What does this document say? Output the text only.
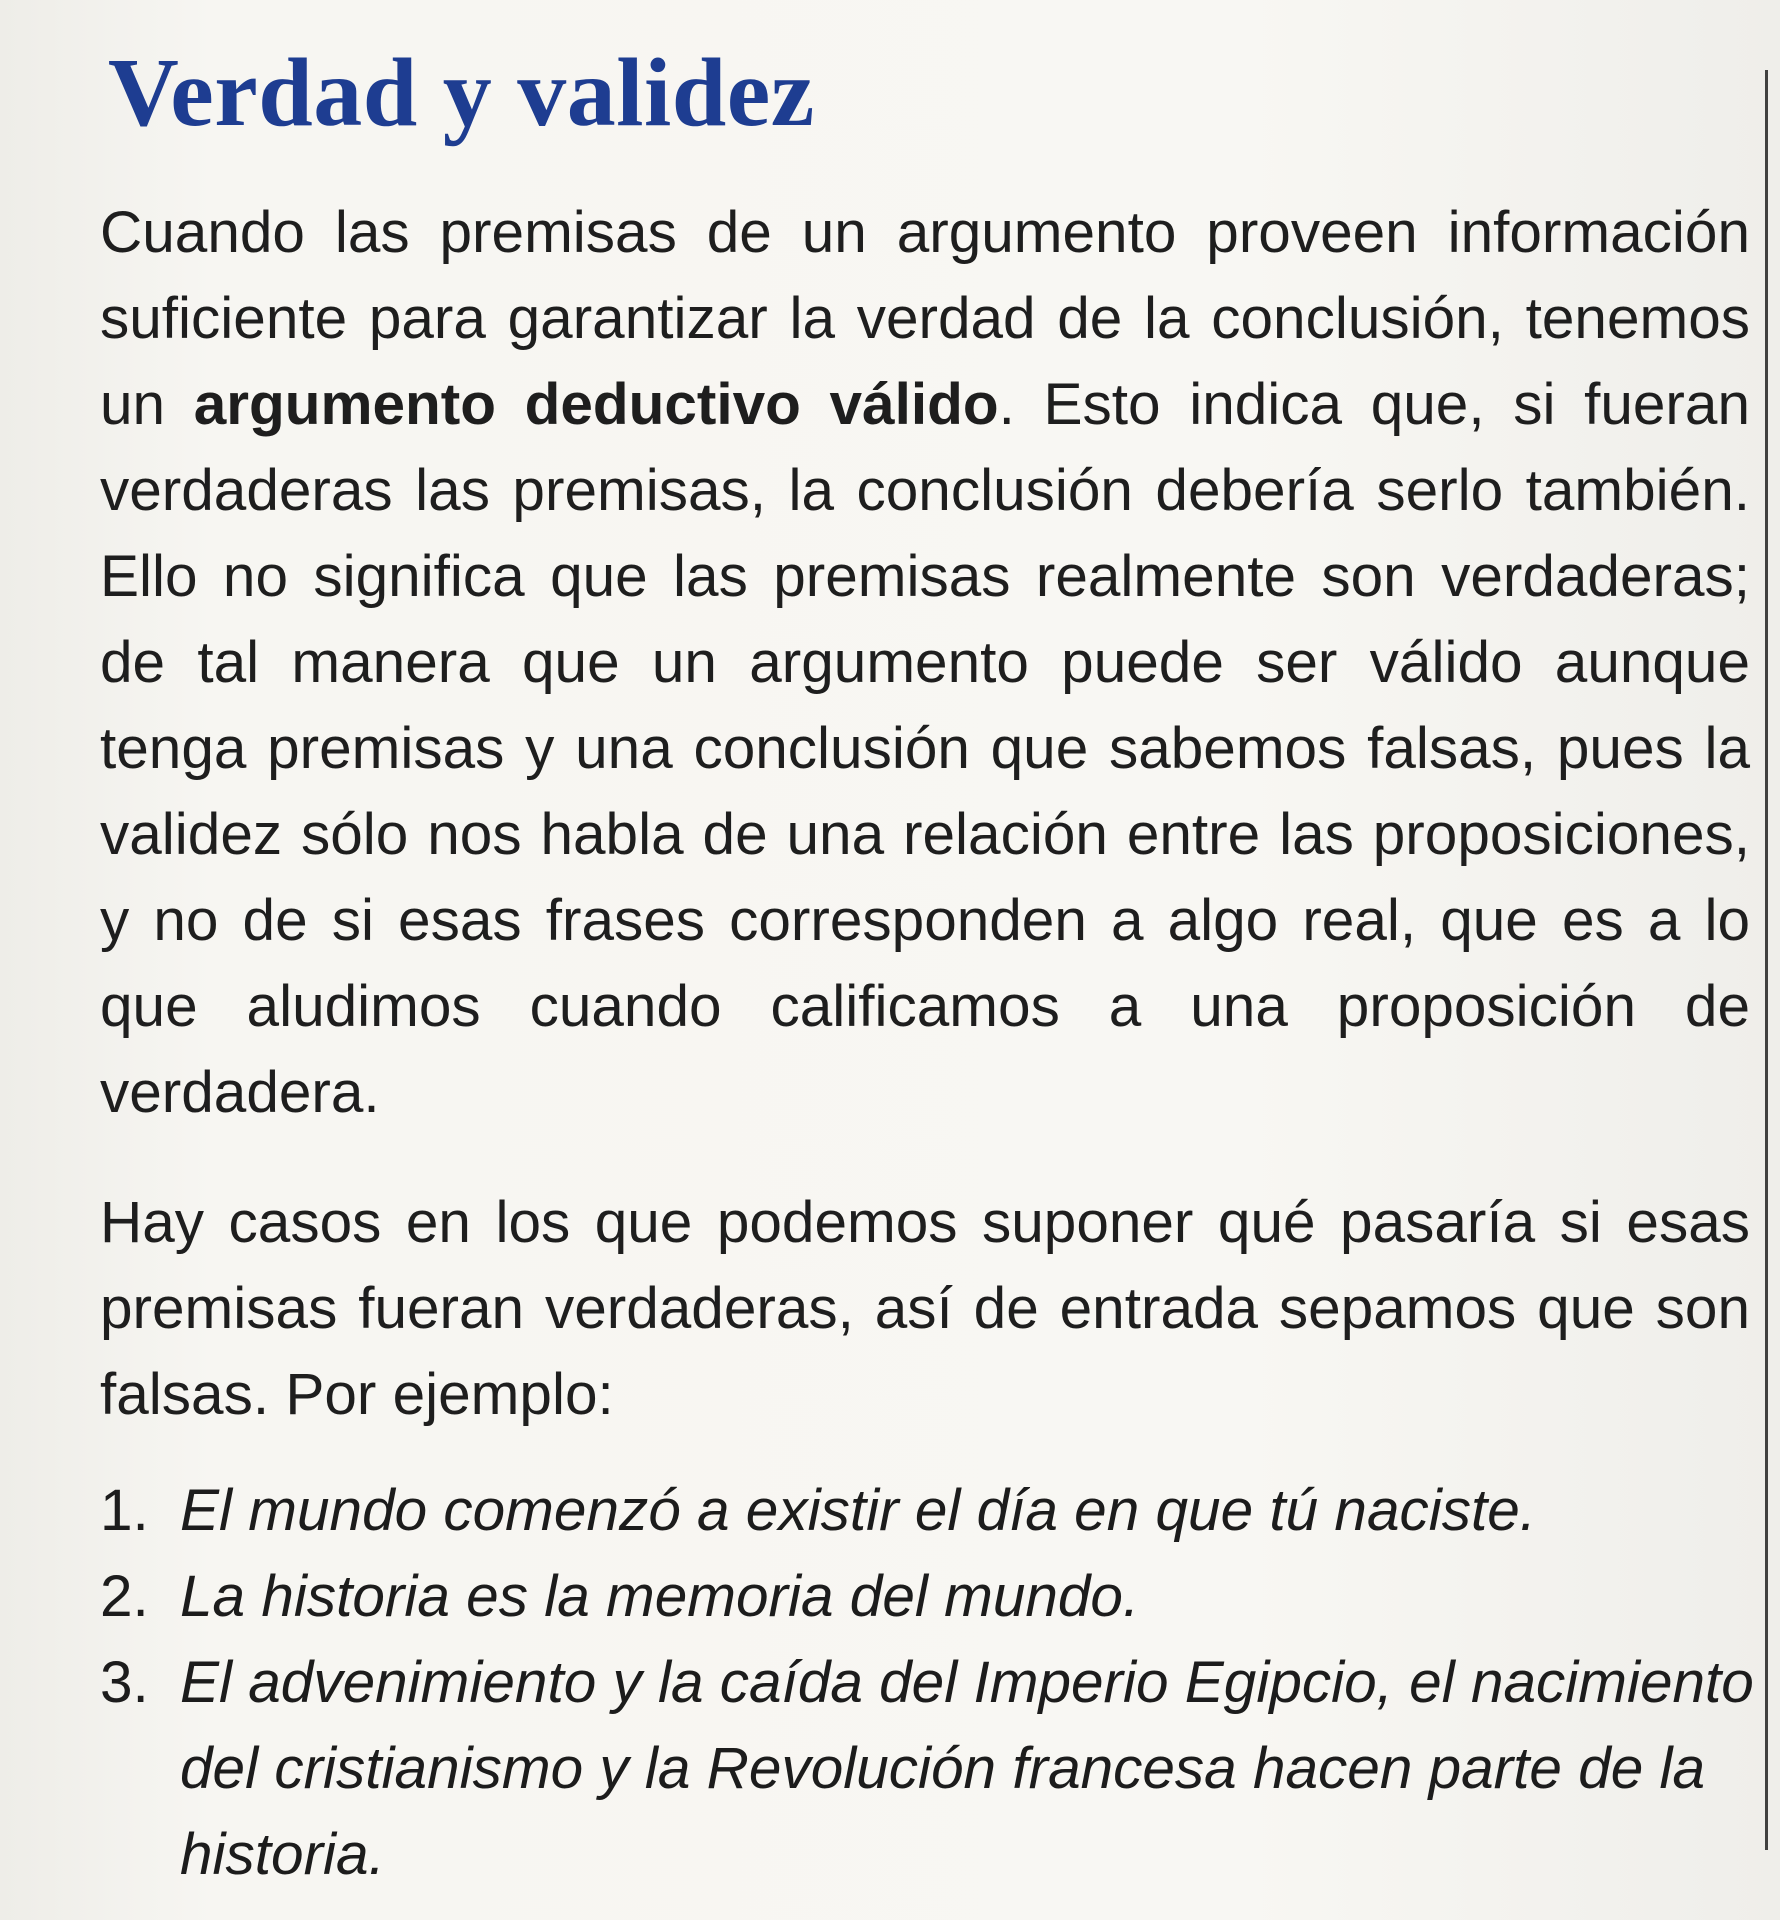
Verdad y validez

Cuando las premisas de un argumento proveen información suficiente para garantizar la verdad de la conclusión, tenemos un argumento deductivo válido. Esto indica que, si fueran verdaderas las premisas, la conclusión debería serlo también. Ello no significa que las premisas realmente son verdaderas; de tal manera que un argumento puede ser válido aunque tenga premisas y una conclusión que sabemos falsas, pues la validez sólo nos habla de una relación entre las proposiciones, y no de si esas frases corresponden a algo real, que es a lo que aludimos cuando calificamos a una proposición de verdadera.

Hay casos en los que podemos suponer qué pasaría si esas premisas fueran verdaderas, así de entrada sepamos que son falsas. Por ejemplo:

1. El mundo comenzó a existir el día en que tú naciste.
2. La historia es la memoria del mundo.
3. El advenimiento y la caída del Imperio Egipcio, el nacimiento del cristianismo y la Revolución francesa hacen parte de la historia.
